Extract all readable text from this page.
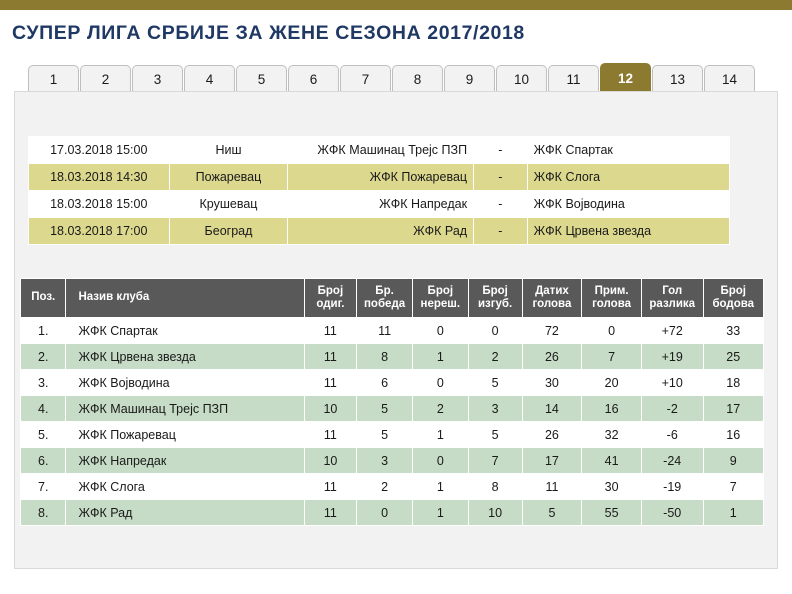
СУПЕР ЛИГА СРБИЈЕ ЗА ЖЕНЕ СЕЗОНА 2017/2018
1	2	3	4	5	6	7	8	9	10	11	12	13	14
17.03.2018 15:00	Ниш	ЖФК Машинац Трејс ПЗП	-	ЖФК Спартак
18.03.2018 14:30	Пожаревац	ЖФК Пожаревац	-	ЖФК Слога
18.03.2018 15:00	Крушевац	ЖФК Напредак	-	ЖФК Војводина
18.03.2018 17:00	Београд	ЖФК Рад	-	ЖФК Црвена звезда
Поз.	Назив клуба	Број одиг.	Бр. победа	Број нереш.	Број изгуб.	Датих голова	Прим. голова	Гол разлика	Број бодова
1.	ЖФК Спартак	11	11	0	0	72	0	+72	33
2.	ЖФК Црвена звезда	11	8	1	2	26	7	+19	25
3.	ЖФК Војводина	11	6	0	5	30	20	+10	18
4.	ЖФК Машинац Трејс ПЗП	10	5	2	3	14	16	-2	17
5.	ЖФК Пожаревац	11	5	1	5	26	32	-6	16
6.	ЖФК Напредак	10	3	0	7	17	41	-24	9
7.	ЖФК Слога	11	2	1	8	11	30	-19	7
8.	ЖФК Рад	11	0	1	10	5	55	-50	1
